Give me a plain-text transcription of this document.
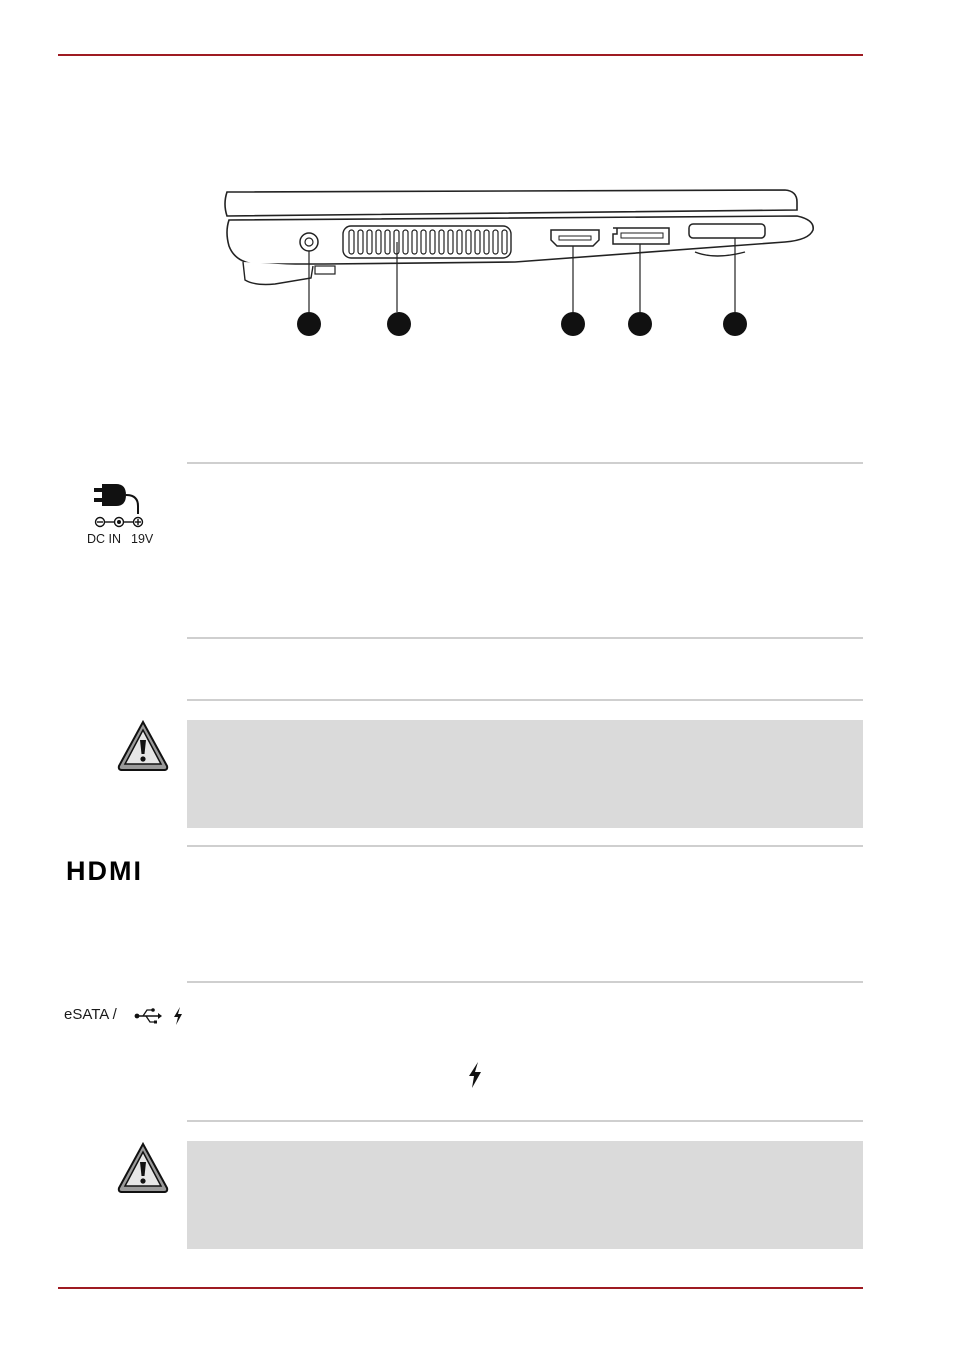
DC IN 19V
HDMI
eSATA /
